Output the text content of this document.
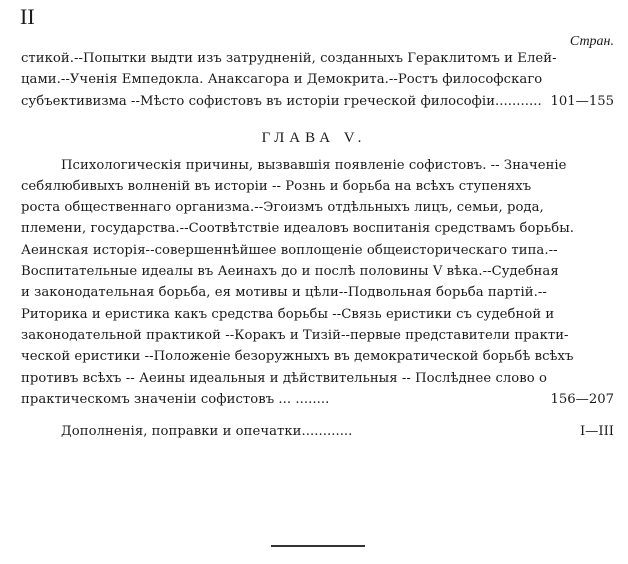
II
Стран.
стикой.--Попытки выдти изъ затрудненiй, созданныхъ Гераклитомъ и Елей-
цами.--Ученiя Емпедокла. Анаксагора и Демокрита.--Ростъ философскаго
субъективизма --Мѣсто софистовъ въ исторiи греческой философiи........... 101—155
ГЛАВА V.
Психологическiя причины, вызвавшiя появленiе софистовъ. -- Значенiе
себялюбивыхъ волненiй въ исторiи -- Рознь и борьба на всѣхъ ступеняхъ
роста общественнаго организма.--Эгоизмъ отдѣльныхъ лицъ, семьи, рода,
племени, государства.--Соотвѣтствiе идеаловъ воспитанiя средствамъ борьбы.
Аеинская исторiя--совершеннѣйшее воплощенiе общеисторическаго типа.--
Воспитательные идеалы въ Аеинахъ до и послѣ половины V вѣка.--Судебная
и законодательная борьба, ея мотивы и цѣли--Подвольная борьба партiй.--
Риторика и еристика какъ средства борьбы --Связь еристики съ судебной и
законодательной практикой --Коракъ и Тизiй--первые представители практи-
ческой еристики --Положенiе безоружныхъ въ демократической борьбѣ всѣхъ
противъ всѣхъ -- Аеины идеальныя и дѣйствительныя -- Послѣднее слово о
практическомъ значенiи софистовъ ... ........	156—207
Дополненiя, поправки и опечатки............	I—III
